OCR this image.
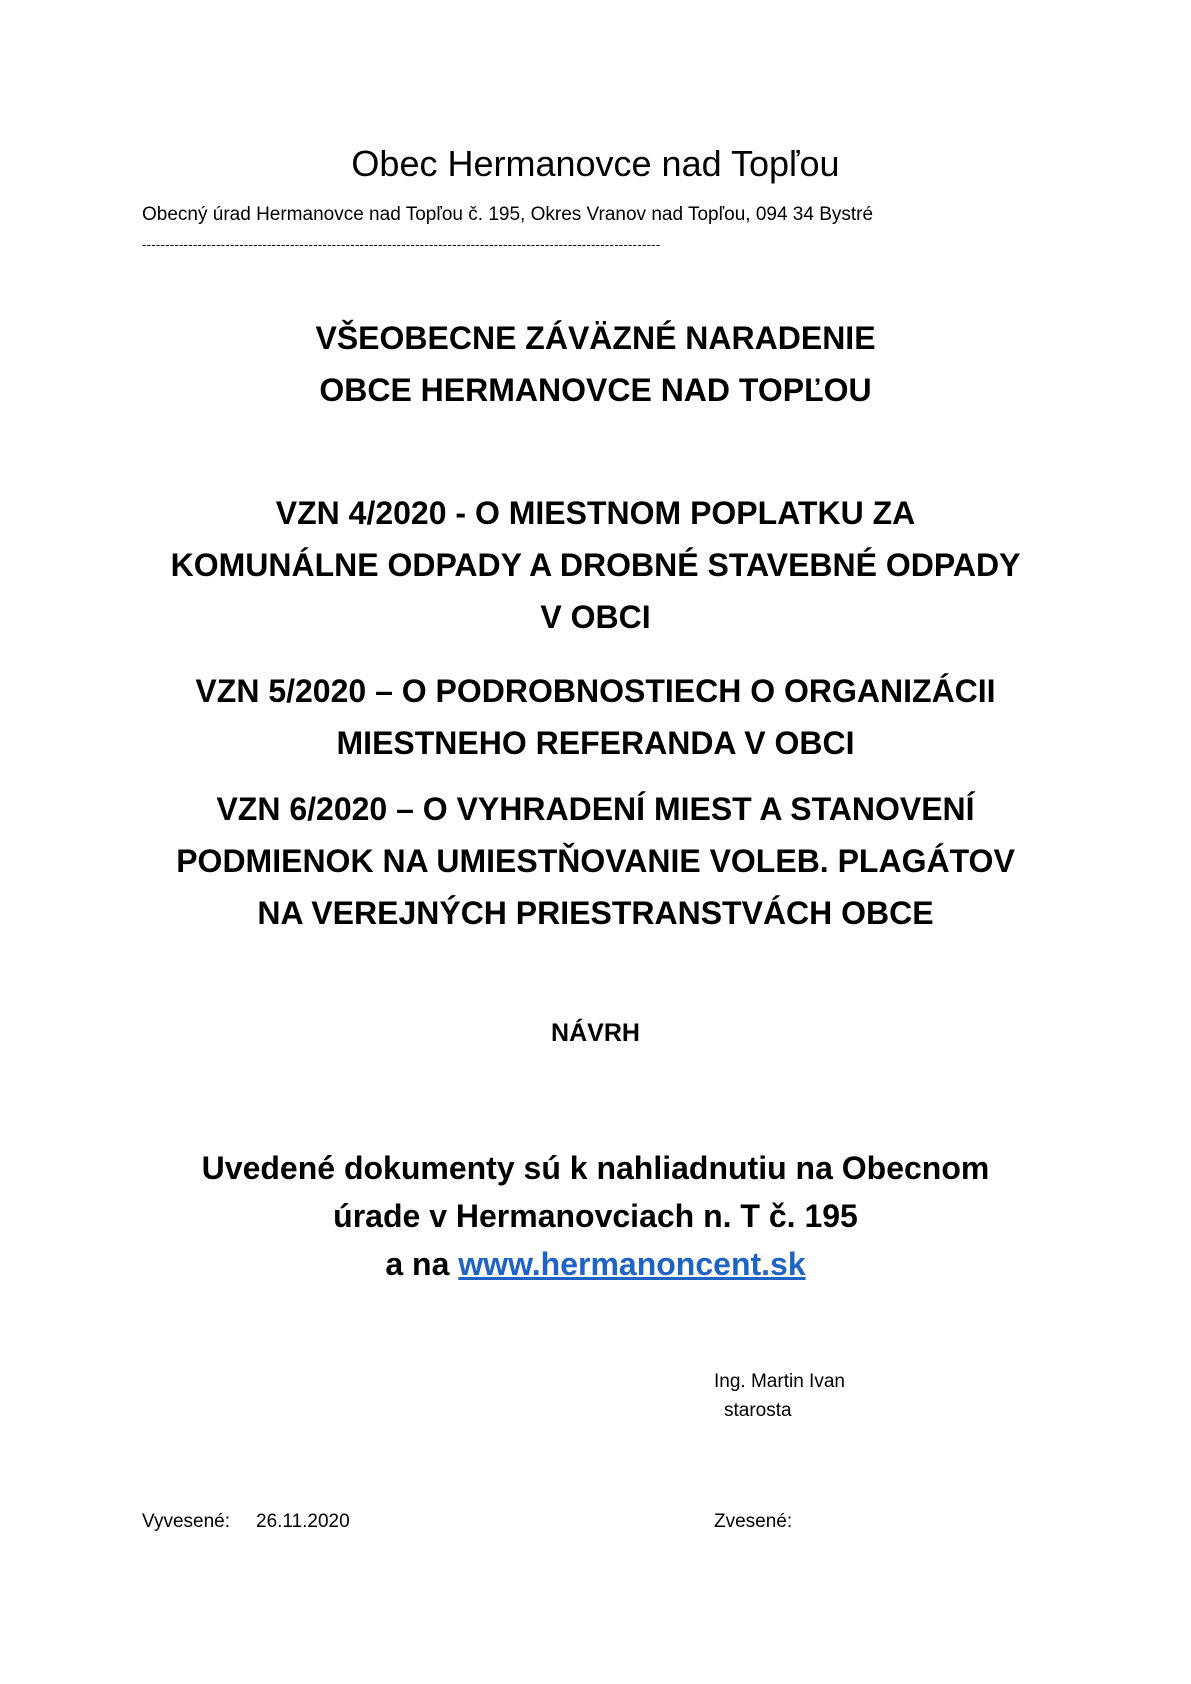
Obec Hermanovce nad Topľou
Obecný úrad Hermanovce nad Topľou č. 195, Okres Vranov nad Topľou, 094 34 Bystré
----------------------------------------------------------------------------------------------------------------
VŠEOBECNE ZÁVÄZNÉ NARADENIE
OBCE HERMANOVCE NAD TOPĽOU
VZN 4/2020 - O MIESTNOM POPLATKU ZA
KOMUNÁLNE ODPADY A DROBNÉ STAVEBNÉ ODPADY
V OBCI
VZN 5/2020 – O PODROBNOSTIECH O ORGANIZÁCII
MIESTNEHO REFERANDA V OBCI
VZN 6/2020 – O VYHRADENÍ MIEST A STANOVENÍ
PODMIENOK NA UMIESTŇOVANIE VOLEB. PLAGÁTOV
NA VEREJNÝCH PRIESTRANSTVÁCH OBCE
NÁVRH
Uvedené dokumenty sú k nahliadnutiu na Obecnom
úrade v Hermanovciach n. T č. 195
a na www.hermanoncent.sk
Ing. Martin Ivan
starosta
Vyvesené: 26.11.2020	Zvesené:
